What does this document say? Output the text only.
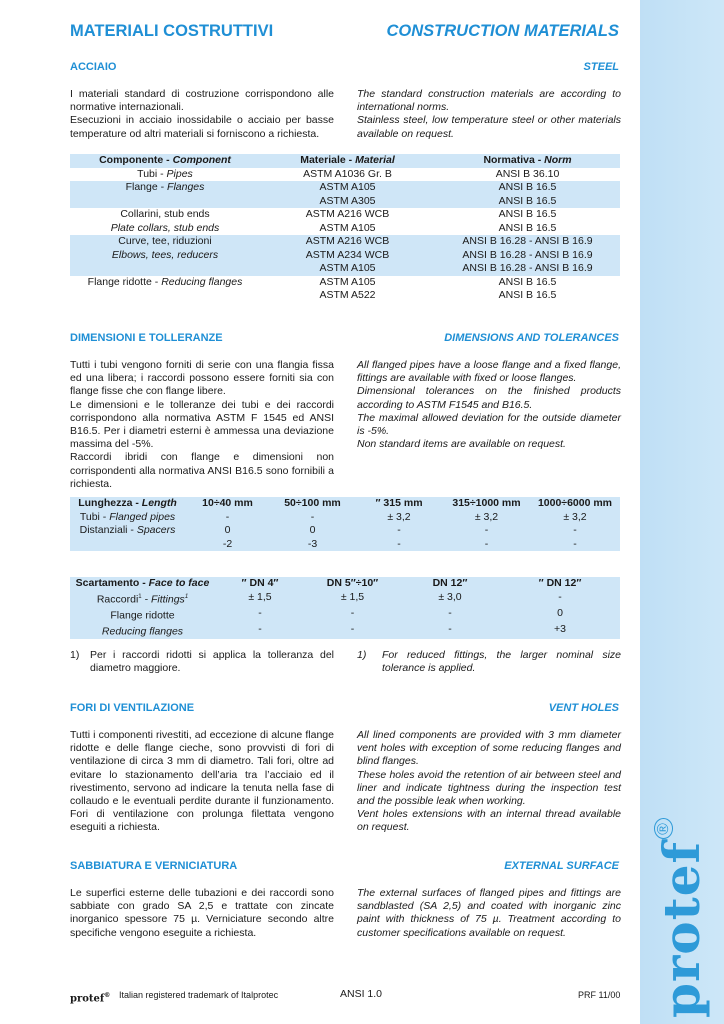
protef®
MATERIALI COSTRUTTIVI	CONSTRUCTION MATERIALS
ACCIAIO	STEEL
I materiali standard di costruzione corrispondono alle normative internazionali.
Esecuzioni in acciaio inossidabile o acciaio per basse temperature od altri materiali si forniscono a richiesta.
The standard construction materials are according to international norms.
Stainless steel, low temperature steel or other materials available on request.
Componente - Component	Materiale - Material	Normativa - Norm
Tubi - Pipes	ASTM A1036 Gr. B	ANSI B 36.10
Flange - Flanges	ASTM A105	ANSI B 16.5
	ASTM A305	ANSI B 16.5
Collarini, stub ends	ASTM A216 WCB	ANSI B 16.5
Plate collars, stub ends	ASTM A105	ANSI B 16.5
Curve, tee, riduzioni	ASTM A216 WCB	ANSI B 16.28 - ANSI B 16.9
Elbows, tees, reducers	ASTM A234 WCB	ANSI B 16.28 - ANSI B 16.9
	ASTM A105	ANSI B 16.28 - ANSI B 16.9
Flange ridotte - Reducing flanges	ASTM A105	ANSI B 16.5
	ASTM A522	ANSI B 16.5
DIMENSIONI E TOLLERANZE	DIMENSIONS AND TOLERANCES
Tutti i tubi vengono forniti di serie con una flangia fissa ed una libera; i raccordi possono essere forniti sia con flange fisse che con flange libere.
Le dimensioni e le tolleranze dei tubi e dei raccordi corrispondono alla normativa ASTM F 1545 ed ANSI B16.5. Per i diametri esterni è ammessa una deviazione massima del -5%.
Raccordi ibridi con flange e dimensioni non corrispondenti alla normativa ANSI B16.5 sono fornibili a richiesta.
All flanged pipes have a loose flange and a fixed flange, fittings are available with fixed or loose flanges.
Dimensional tolerances on the finished products according to ASTM F1545 and B16.5.
The maximal allowed deviation for the outside diameter is -5%.
Non standard items are available on request.
Lunghezza - Length	10÷40 mm	50÷100 mm	″ 315 mm	315÷1000 mm	1000÷6000 mm
Tubi - Flanged pipes	-	-	± 3,2	± 3,2	± 3,2
Distanziali - Spacers	0	0	-	-	-
	-2	-3	-	-	-
Scartamento - Face to face	″ DN 4″	DN 5″÷10″	DN 12″	″ DN 12″
Raccordi$^1$ - Fittings$^1$	± 1,5	± 1,5	± 3,0	-
Flange ridotte	-	-	-	0
Reducing flanges	-	-	-	+3
1) Per i raccordi ridotti si applica la tolleranza del diametro maggiore.
1) For reduced fittings, the larger nominal size tolerance is applied.
FORI DI VENTILAZIONE	VENT HOLES
Tutti i componenti rivestiti, ad eccezione di alcune flange ridotte e delle flange cieche, sono provvisti di fori di ventilazione di circa 3 mm di diametro. Tali fori, oltre ad evitare lo stazionamento dell’aria tra l’acciaio ed il rivestimento, servono ad indicare la tenuta nella fase di collaudo e le eventuali perdite durante il funzionamento. Fori di ventilazione con prolunga filettata vengono eseguiti a richiesta.
All lined components are provided with 3 mm diameter vent holes with exception of some reducing flanges and blind flanges.
These holes avoid the retention of air between steel and liner and indicate tightness during the inspection test and the possible leak when working.
Vent holes extensions with an internal thread available on request.
SABBIATURA E VERNICIATURA	EXTERNAL SURFACE
Le superfici esterne delle tubazioni e dei raccordi sono sabbiate con grado SA 2,5 e trattate con zincate inorganico spessore 75 µ. Verniciature secondo altre specifiche vengono eseguite a richiesta.
The external surfaces of flanged pipes and fittings are sandblasted (SA 2,5) and coated with inorganic zinc paint with thickness of 75 µ. Treatment according to customer specifications available on request.
protef® Italian registered trademark of Italprotec	ANSI 1.0	PRF 11/00
